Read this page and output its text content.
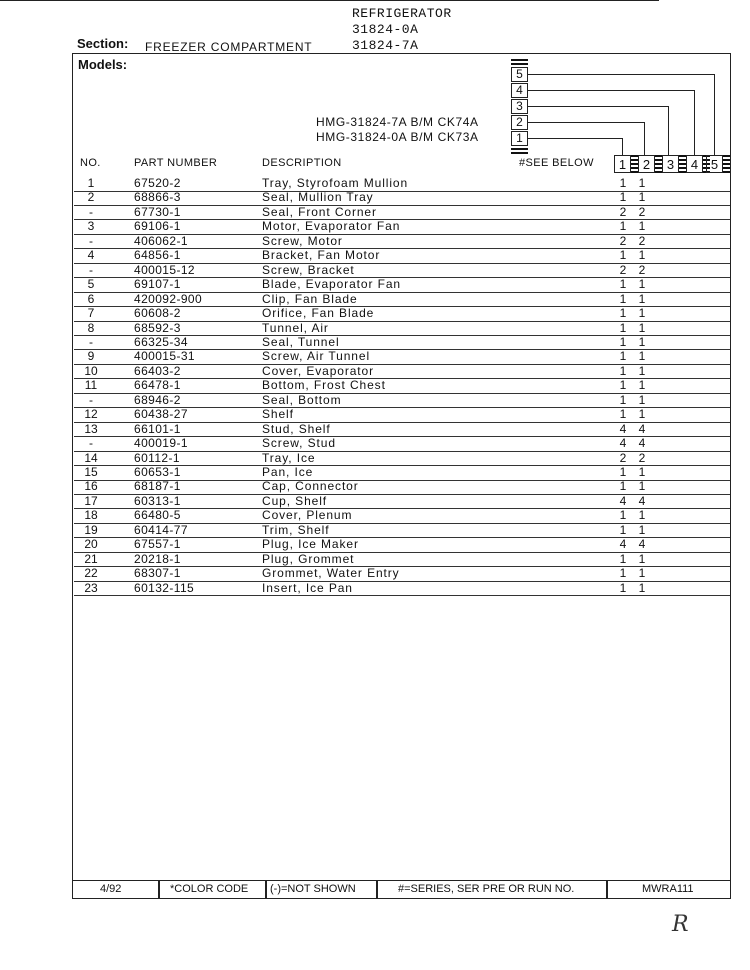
REFRIGERATOR
31824-0A
31824-7A
Section: FREEZER COMPARTMENT
Models:
HMG-31824-7A B/M CK74A
HMG-31824-0A B/M CK73A
5
4
3
2
1
NO.	PART NUMBER	DESCRIPTION	#SEE BELOW	1	2	3	4 5
1	67520-2	Tray, Styrofoam Mullion	1	1
2	68866-3	Seal, Mullion Tray	1	1
-	67730-1	Seal, Front Corner	2	2
3	69106-1	Motor, Evaporator Fan	1	1
-	406062-1	Screw, Motor	2	2
4	64856-1	Bracket, Fan Motor	1	1
-	400015-12	Screw, Bracket	2	2
5	69107-1	Blade, Evaporator Fan	1	1
6	420092-900	Clip, Fan Blade	1	1
7	60608-2	Orifice, Fan Blade	1	1
8	68592-3	Tunnel, Air	1	1
-	66325-34	Seal, Tunnel	1	1
9	400015-31	Screw, Air Tunnel	1	1
10	66403-2	Cover, Evaporator	1	1
11	66478-1	Bottom, Frost Chest	1	1
-	68946-2	Seal, Bottom	1	1
12	60438-27	Shelf	1	1
13	66101-1	Stud, Shelf	4	4
-	400019-1	Screw, Stud	4	4
14	60112-1	Tray, Ice	2	2
15	60653-1	Pan, Ice	1	1
16	68187-1	Cap, Connector	1	1
17	60313-1	Cup, Shelf	4	4
18	66480-5	Cover, Plenum	1	1
19	60414-77	Trim, Shelf	1	1
20	67557-1	Plug, Ice Maker	4	4
21	20218-1	Plug, Grommet	1	1
22	68307-1	Grommet, Water Entry	1	1
23	60132-115	Insert, Ice Pan	1	1
4/92	*COLOR CODE (-)=NOT SHOWN	#=SERIES, SER PRE OR RUN NO.	MWRA111
R
